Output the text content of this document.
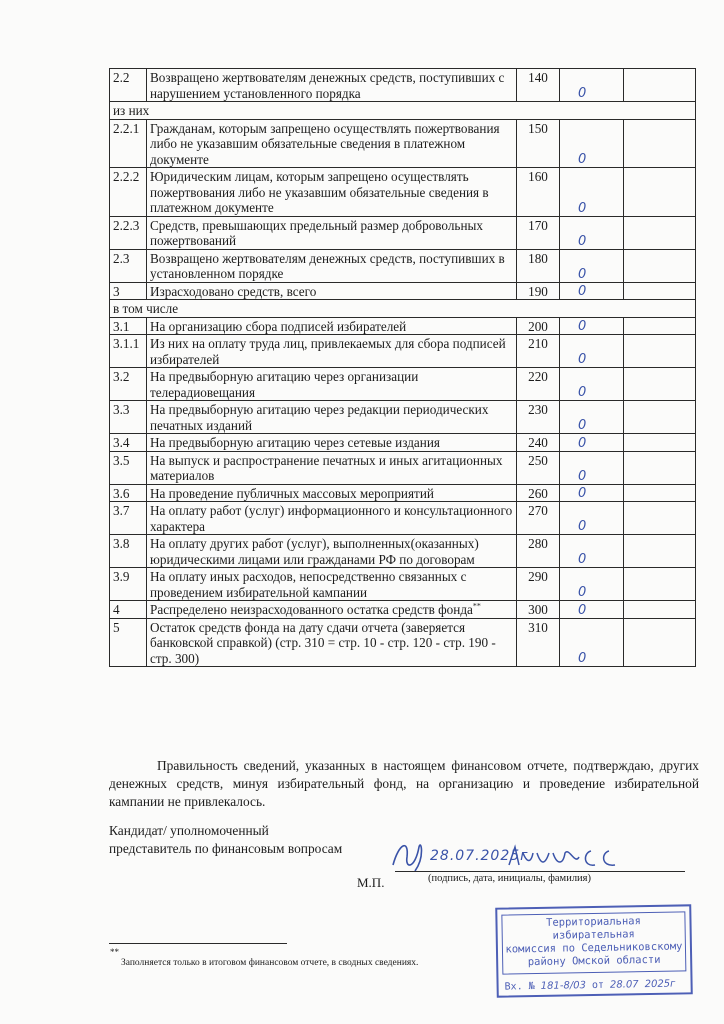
2.2	Возвращено жертвователям денежных средств, поступивших с нарушением установленного порядка	140	0	

из них				
2.2.1	Гражданам, которым запрещено осуществлять пожертвования либо не указавшим обязательные сведения в платежном документе	150	0	

2.2.2	Юридическим лицам, которым запрещено осуществлять пожертвования либо не указавшим обязательные сведения в платежном документе	160	0	

2.2.3	Средств, превышающих предельный размер добровольных пожертвований	170	0	

2.3	Возвращено жертвователям денежных средств, поступивших в установленном порядке	180	0	

3	Израсходовано средств, всего	190	0	

в том числе				
3.1	На организацию сбора подписей избирателей	200	0	

3.1.1	Из них на оплату труда лиц, привлекаемых для сбора подписей избирателей	210	0	

3.2	На предвыборную агитацию через организации телерадиовещания	220	0	

3.3	На предвыборную агитацию через редакции периодических печатных изданий	230	0	

3.4	На предвыборную агитацию через сетевые издания	240	0	

3.5	На выпуск и распространение печатных и иных агитационных материалов	250	0	

3.6	На проведение публичных массовых мероприятий	260	0	

3.7	На оплату работ (услуг) информационного и консультационного характера	270	0	

3.8	На оплату других работ (услуг), выполненных(оказанных) юридическими лицами или гражданами РФ по договорам	280	0	

3.9	На оплату иных расходов, непосредственно связанных с проведением избирательной кампании	290	0	

4	Распределено неизрасходованного остатка средств фонда**	300	0	

5	Остаток средств фонда на дату сдачи отчета (заверяется банковской справкой) (стр. 310 = стр. 10 - стр. 120 - стр. 190 - стр. 300)	310	0	

Правильность сведений, указанных в настоящем финансовом отчете, подтверждаю, других денежных средств, минуя избирательный фонд, на организацию и проведение избирательной кампании не привлекалось.
Кандидат/ уполномоченный
представитель по финансовым вопросам	28.07.2025г
М.П.	(подпись, дата, инициалы, фамилия)
**
Заполняется только в итоговом финансовом отчете, в сводных сведениях.
Территориальная избирательная
комиссия по Седельниковскому
району Омской области
Вх. № 181-8/03 от 28.07 2025г
